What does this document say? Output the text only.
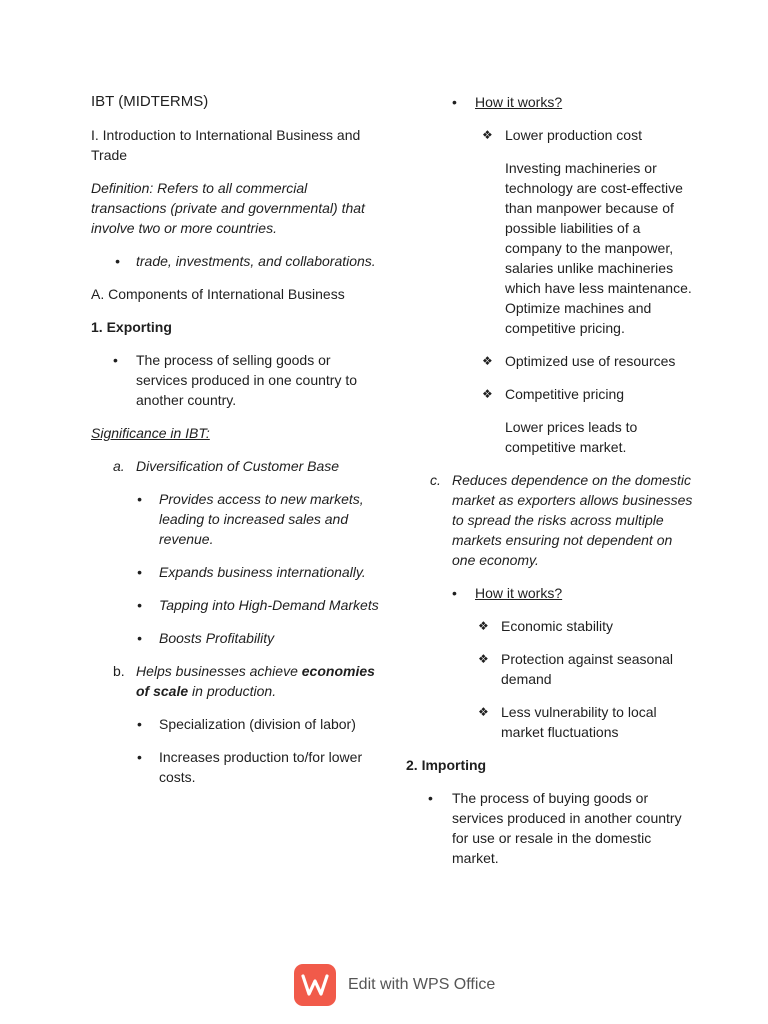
IBT (MIDTERMS)

I. Introduction to International Business and Trade

Definition: Refers to all commercial transactions (private and governmental) that involve two or more countries.

• trade, investments, and collaborations.

A. Components of International Business

1. Exporting

• The process of selling goods or services produced in one country to another country.

Significance in IBT:

a. Diversification of Customer Base
• Provides access to new markets, leading to increased sales and revenue.
• Expands business internationally.
• Tapping into High-Demand Markets
• Boosts Profitability
b. Helps businesses achieve economies of scale in production.
• Specialization (division of labor)
• Increases production to/for lower costs.
• How it works?
❖ Lower production cost

Investing machineries or technology are cost-effective than manpower because of possible liabilities of a company to the manpower, salaries unlike machineries which have less maintenance. Optimize machines and competitive pricing.

❖ Optimized use of resources
❖ Competitive pricing

Lower prices leads to competitive market.

c. Reduces dependence on the domestic market as exporters allows businesses to spread the risks across multiple markets ensuring not dependent on one economy.
• How it works?
❖ Economic stability
❖ Protection against seasonal demand
❖ Less vulnerability to local market fluctuations

2. Importing

• The process of buying goods or services produced in another country for use or resale in the domestic market.
Edit with WPS Office
